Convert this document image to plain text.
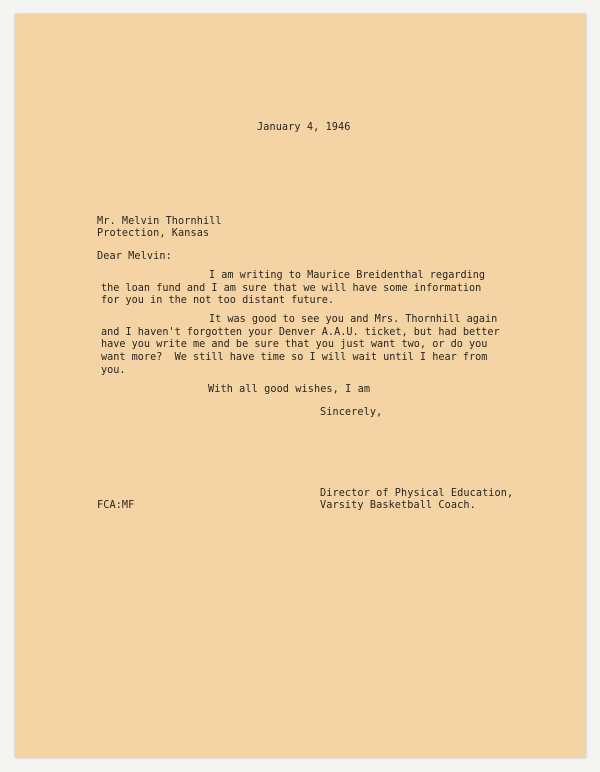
January 4, 1946
Mr. Melvin Thornhill
Protection, Kansas
Dear Melvin:
I am writing to Maurice Breidenthal regarding
the loan fund and I am sure that we will have some information
for you in the not too distant future.
It was good to see you and Mrs. Thornhill again
and I haven't forgotten your Denver A.A.U. ticket, but had better
have you write me and be sure that you just want two, or do you
want more?  We still have time so I will wait until I hear from
you.
With all good wishes, I am
Sincerely,
Director of Physical Education,
Varsity Basketball Coach.
FCA:MF
